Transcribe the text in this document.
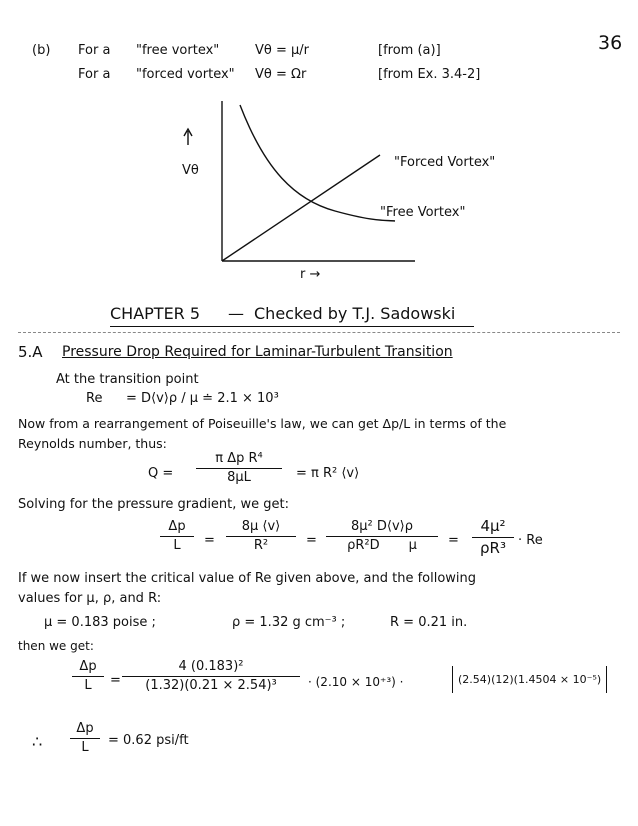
36
(b) For a "free vortex"	Vθ = μ/r	[from (a)]
For a "forced vortex" Vθ = Ωr	[from Ex. 3.4-2]
Vθ
r →
"Forced Vortex"
"Free Vortex"
CHAPTER 5 — Checked by T.J. Sadowski
5.A Pressure Drop Required for Laminar-Turbulent Transition
At the transition point
Re = D⟨v⟩ρ / μ ≐ 2.1 × 10³
Now from a rearrangement of Poiseuille's law, we can get Δp/L in terms of the
Reynolds number, thus:
Q =
π Δp R⁴
8μL	= π R² ⟨v⟩
Solving for the pressure gradient, we get:
Δp
L	=
8μ ⟨v⟩
R²	=
8μ² D⟨v⟩ρ
ρR²D       μ	=
4μ²
ρR³ · Re
If we now insert the critical value of Re given above, and the following
values for μ, ρ, and R:
μ = 0.183 poise ;	ρ = 1.32 g cm⁻³ ;	R = 0.21 in.
then we get:
Δp
L	=
4 (0.183)²
(1.32)(0.21 × 2.54)³	· (2.10 × 10⁺³) ·	(2.54)(12)(1.4504 × 10⁻⁵)
∴
Δp
L	= 0.62 psi/ft
